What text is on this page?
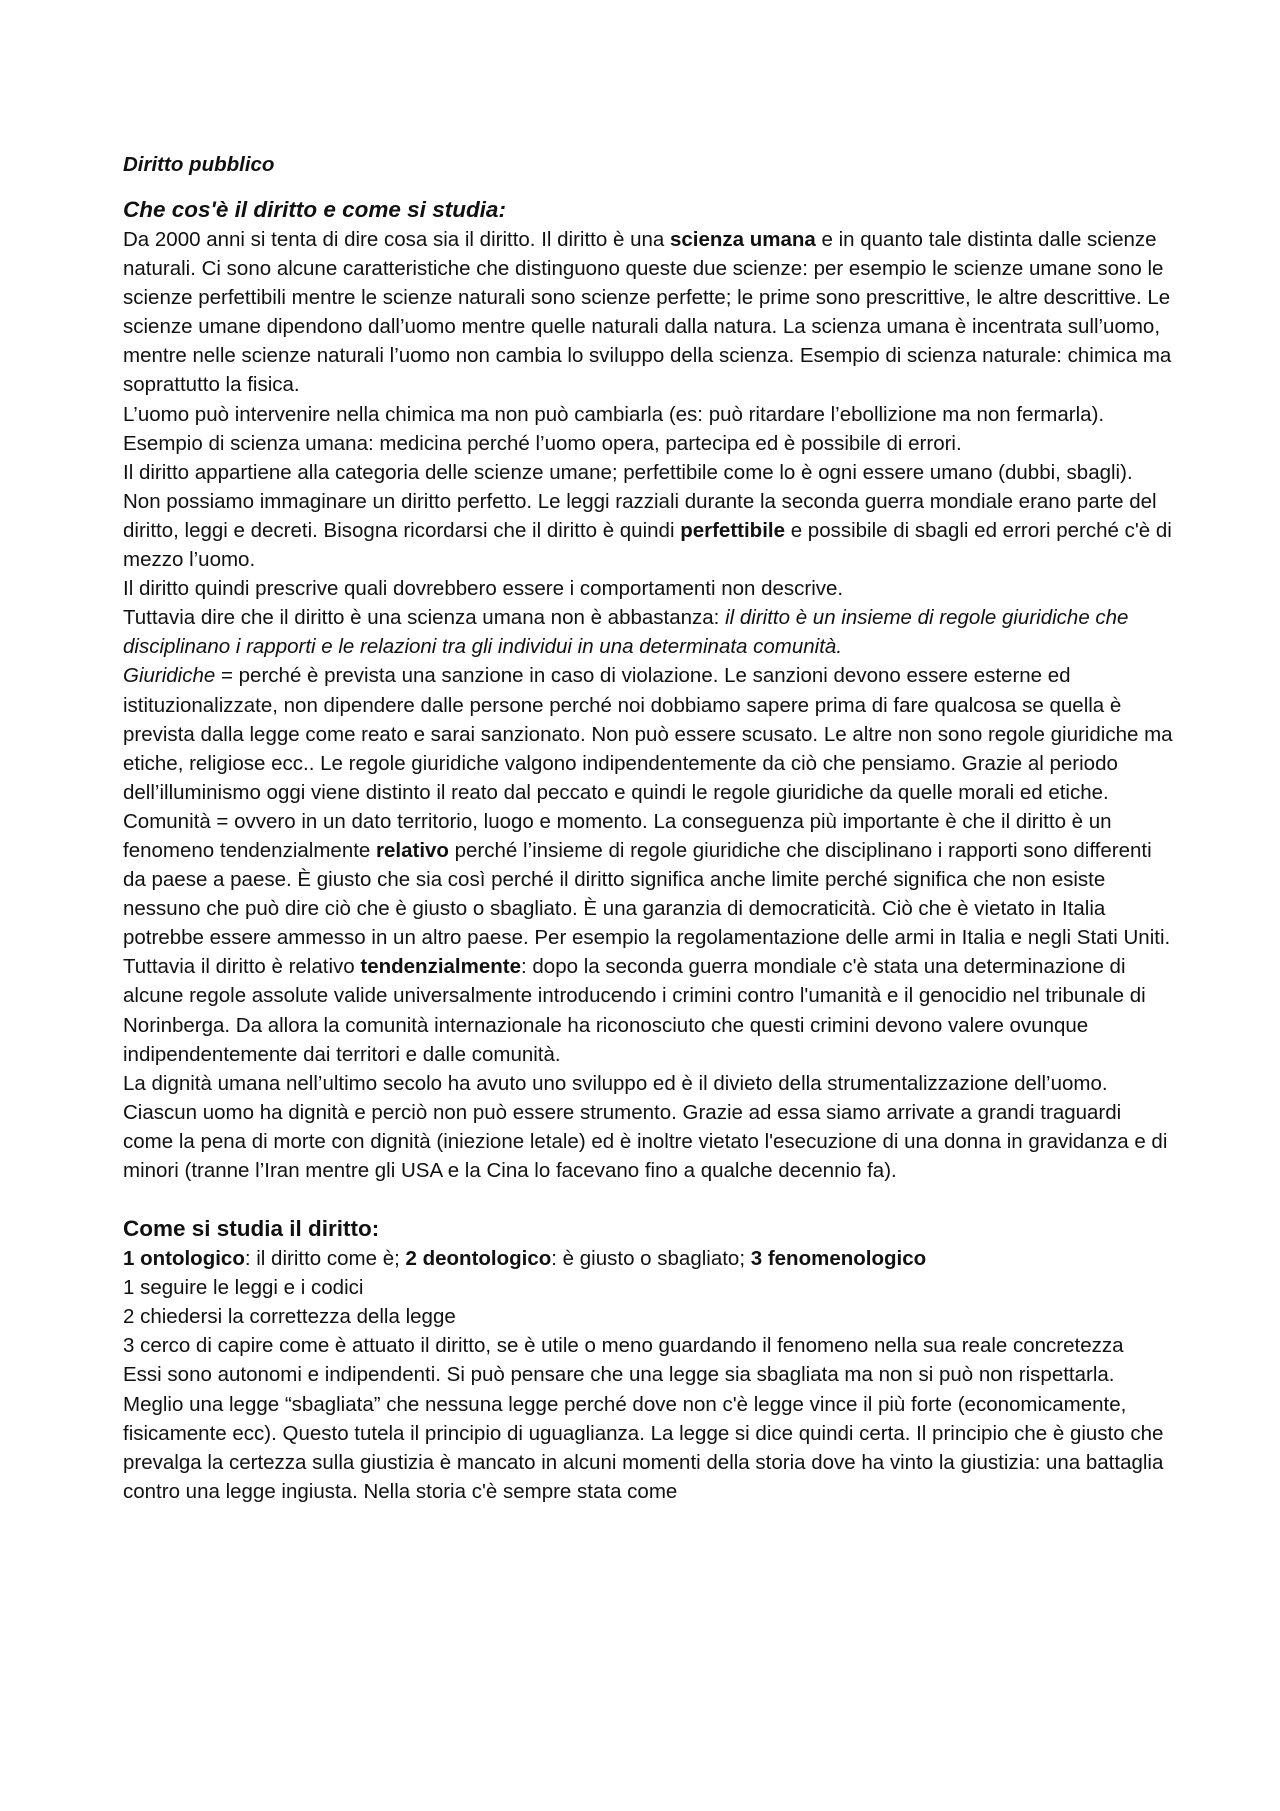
Diritto pubblico
Che cos'è il diritto e come si studia:

Da 2000 anni si tenta di dire cosa sia il diritto. Il diritto è una scienza umana e in quanto tale distinta dalle scienze naturali. Ci sono alcune caratteristiche che distinguono queste due scienze: per esempio le scienze umane sono le scienze perfettibili mentre le scienze naturali sono scienze perfette; le prime sono prescrittive, le altre descrittive. Le scienze umane dipendono dall’uomo mentre quelle naturali dalla natura. La scienza umana è incentrata sull’uomo, mentre nelle scienze naturali l’uomo non cambia lo sviluppo della scienza. Esempio di scienza naturale: chimica ma soprattutto la fisica.

L’uomo può intervenire nella chimica ma non può cambiarla (es: può ritardare l’ebollizione ma non fermarla).

Esempio di scienza umana: medicina perché l’uomo opera, partecipa ed è possibile di errori.

Il diritto appartiene alla categoria delle scienze umane; perfettibile come lo è ogni essere umano (dubbi, sbagli). Non possiamo immaginare un diritto perfetto. Le leggi razziali durante la seconda guerra mondiale erano parte del diritto, leggi e decreti. Bisogna ricordarsi che il diritto è quindi perfettibile e possibile di sbagli ed errori perché c'è di mezzo l’uomo.

Il diritto quindi prescrive quali dovrebbero essere i comportamenti non descrive.

Tuttavia dire che il diritto è una scienza umana non è abbastanza: il diritto è un insieme di regole giuridiche che disciplinano i rapporti e le relazioni tra gli individui in una determinata comunità.

Giuridiche = perché è prevista una sanzione in caso di violazione. Le sanzioni devono essere esterne ed istituzionalizzate, non dipendere dalle persone perché noi dobbiamo sapere prima di fare qualcosa se quella è prevista dalla legge come reato e sarai sanzionato. Non può essere scusato. Le altre non sono regole giuridiche ma etiche, religiose ecc.. Le regole giuridiche valgono indipendentemente da ciò che pensiamo. Grazie al periodo dell’illuminismo oggi viene distinto il reato dal peccato e quindi le regole giuridiche da quelle morali ed etiche.

Comunità = ovvero in un dato territorio, luogo e momento. La conseguenza più importante è che il diritto è un fenomeno tendenzialmente relativo perché l’insieme di regole giuridiche che disciplinano i rapporti sono differenti da paese a paese. È giusto che sia così perché il diritto significa anche limite perché significa che non esiste nessuno che può dire ciò che è giusto o sbagliato. È una garanzia di democraticità. Ciò che è vietato in Italia potrebbe essere ammesso in un altro paese. Per esempio la regolamentazione delle armi in Italia e negli Stati Uniti. Tuttavia il diritto è relativo tendenzialmente: dopo la seconda guerra mondiale c'è stata una determinazione di alcune regole assolute valide universalmente introducendo i crimini contro l'umanità e il genocidio nel tribunale di Norinberga. Da allora la comunità internazionale ha riconosciuto che questi crimini devono valere ovunque indipendentemente dai territori e dalle comunità.

La dignità umana nell’ultimo secolo ha avuto uno sviluppo ed è il divieto della strumentalizzazione dell’uomo. Ciascun uomo ha dignità e perciò non può essere strumento. Grazie ad essa siamo arrivate a grandi traguardi come la pena di morte con dignità (iniezione letale) ed è inoltre vietato l'esecuzione di una donna in gravidanza e di minori (tranne l’Iran mentre gli USA e la Cina lo facevano fino a qualche decennio fa).

Come si studia il diritto:

1 ontologico: il diritto come è; 2 deontologico: è giusto o sbagliato; 3 fenomenologico

1 seguire le leggi e i codici

2 chiedersi la correttezza della legge

3 cerco di capire come è attuato il diritto, se è utile o meno guardando il fenomeno nella sua reale concretezza

Essi sono autonomi e indipendenti. Si può pensare che una legge sia sbagliata ma non si può non rispettarla. Meglio una legge “sbagliata” che nessuna legge perché dove non c'è legge vince il più forte (economicamente, fisicamente ecc). Questo tutela il principio di uguaglianza. La legge si dice quindi certa. Il principio che è giusto che prevalga la certezza sulla giustizia è mancato in alcuni momenti della storia dove ha vinto la giustizia: una battaglia contro una legge ingiusta. Nella storia c'è sempre stata come
